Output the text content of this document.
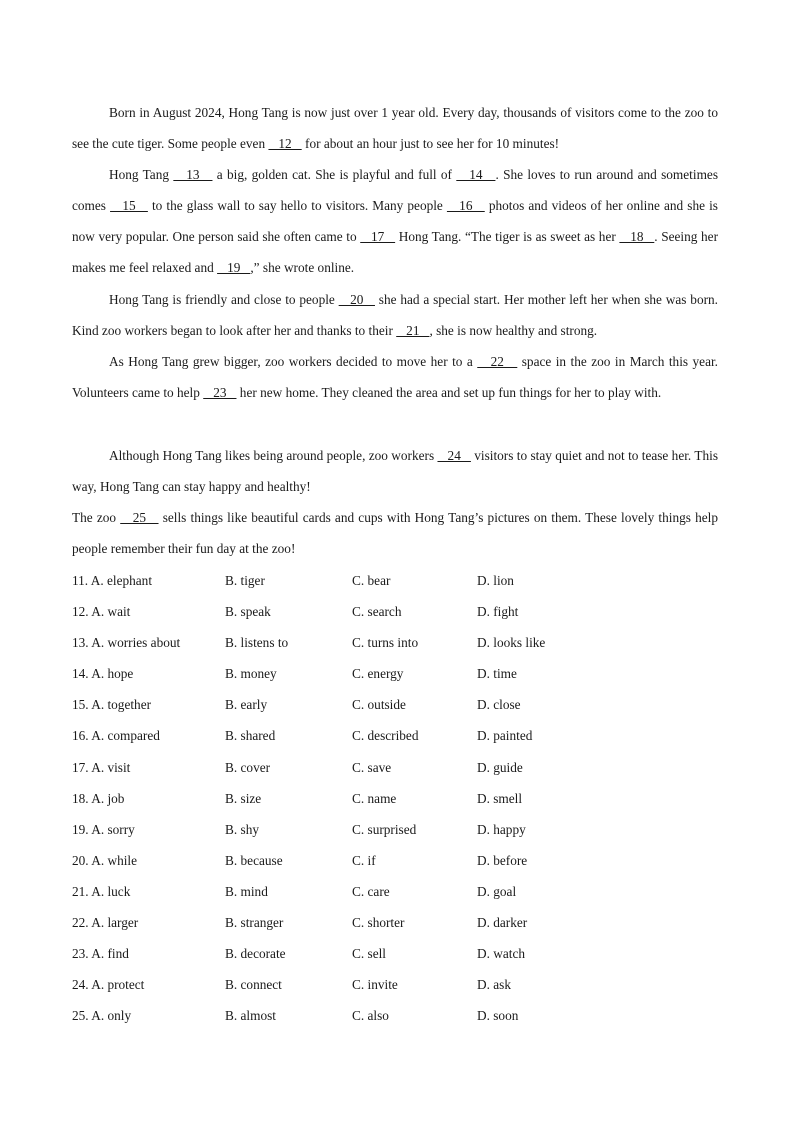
Born in August 2024, Hong Tang is now just over 1 year old. Every day, thousands of visitors come to the zoo to see the cute tiger. Some people even    12    for about an hour just to see her for 10 minutes!

Hong Tang    13    a big, golden cat. She is playful and full of    14   . She loves to run around and sometimes comes    15    to the glass wall to say hello to visitors. Many people    16    photos and videos of her online and she is now very popular. One person said she often came to    17    Hong Tang. “The tiger is as sweet as her    18   . Seeing her makes me feel relaxed and    19   ,” she wrote online.

Hong Tang is friendly and close to people    20    she had a special start. Her mother left her when she was born. Kind zoo workers began to look after her and thanks to their    21   , she is now healthy and strong.

As Hong Tang grew bigger, zoo workers decided to move her to a    22    space in the zoo in March this year. Volunteers came to help    23    her new home. They cleaned the area and set up fun things for her to play with.

Although Hong Tang likes being around people, zoo workers    24    visitors to stay quiet and not to tease her. This way, Hong Tang can stay happy and healthy!

The zoo    25    sells things like beautiful cards and cups with Hong Tang’s pictures on them. These lovely things help people remember their fun day at the zoo!

11. A. elephant	B. tiger	C. bear	D. lion
12. A. wait	B. speak	C. search	D. fight
13. A. worries about	B. listens to	C. turns into	D. looks like
14. A. hope	B. money	C. energy	D. time
15. A. together	B. early	C. outside	D. close
16. A. compared	B. shared	C. described	D. painted
17. A. visit	B. cover	C. save	D. guide
18. A. job	B. size	C. name	D. smell
19. A. sorry	B. shy	C. surprised	D. happy
20. A. while	B. because	C. if	D. before
21. A. luck	B. mind	C. care	D. goal
22. A. larger	B. stranger	C. shorter	D. darker
23. A. find	B. decorate	C. sell	D. watch
24. A. protect	B. connect	C. invite	D. ask
25. A. only	B. almost	C. also	D. soon
